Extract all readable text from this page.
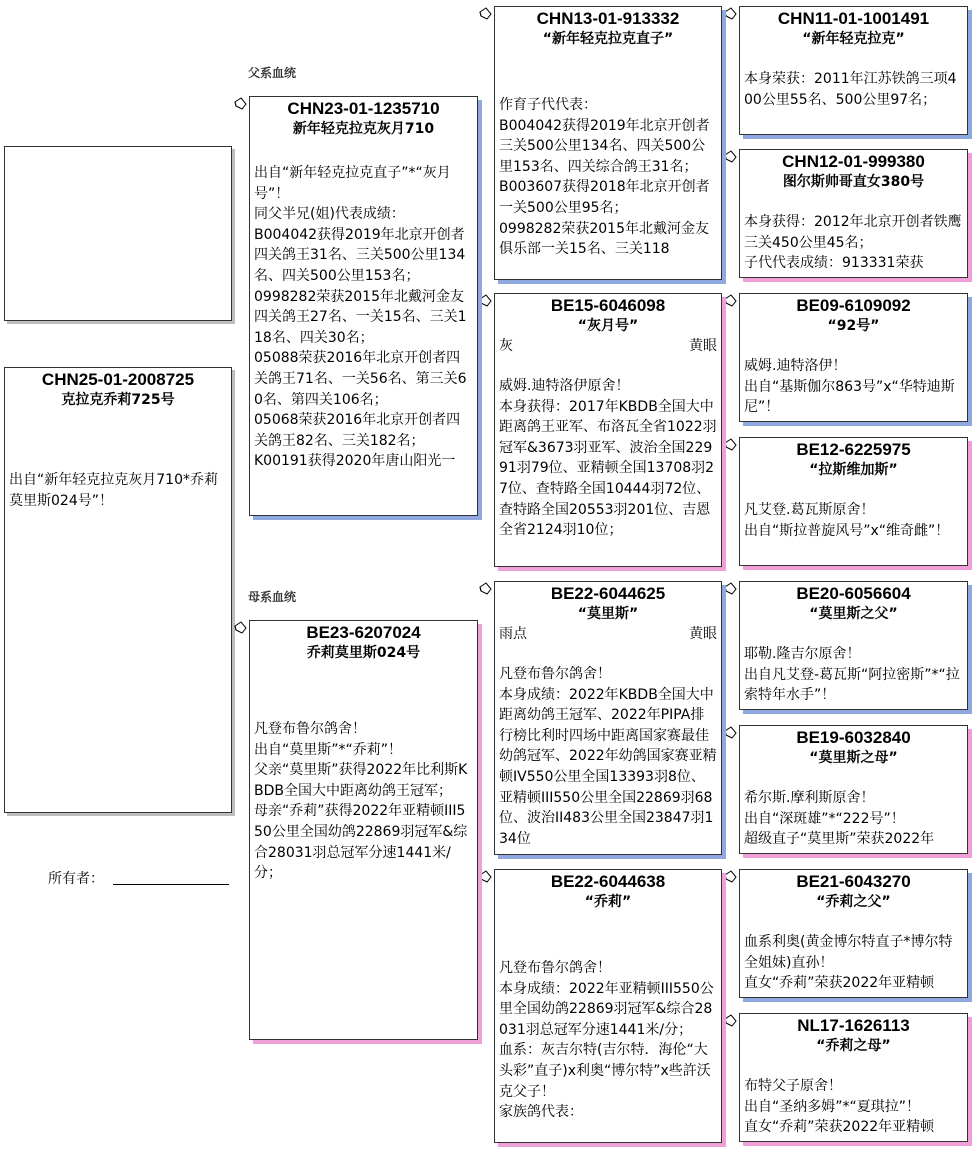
父系血统
母系血统
CHN25-01-2008725
克拉克乔莉725号
出自“新年轻克拉克灰月710*乔莉莫里斯024号”！
所有者：
CHN23-01-1235710
新年轻克拉克灰月710
出自“新年轻克拉克直子”*“灰月号”！
同父半兄(姐)代表成绩：
B004042获得2019年北京开创者四关鸽王31名、三关500公里134名、四关500公里153名；
0998282荣获2015年北戴河金友四关鸽王27名、一关15名、三关118名、四关30名；
05088荣获2016年北京开创者四关鸽王71名、一关56名、第三关60名、第四关106名；
05068荣获2016年北京开创者四关鸽王82名、三关182名；
K00191获得2020年唐山阳光一
BE23-6207024
乔莉莫里斯024号
凡登布鲁尔鸽舍！
出自“莫里斯”*“乔莉”！
父亲“莫里斯”获得2022年比利斯KBDB全国大中距离幼鸽王冠军；
母亲“乔莉”获得2022年亚精顿III550公里全国幼鸽22869羽冠军&综合28031羽总冠军分速1441米/分；
CHN13-01-913332
“新年轻克拉克直子”
作育子代代表：
B004042获得2019年北京开创者三关500公里134名、四关500公里153名、四关综合鸽王31名；
B003607获得2018年北京开创者一关500公里95名；
0998282荣获2015年北戴河金友俱乐部一关15名、三关118
BE15-6046098
“灰月号”
灰	黄眼
威姆.迪特洛伊原舍！
本身获得：2017年KBDB全国大中距离鸽王亚军、布洛瓦全省1022羽冠军&3673羽亚军、波治全国22991羽79位、亚精顿全国13708羽27位、查特路全国10444羽72位、查特路全国20553羽201位、吉恩全省2124羽10位；
BE22-6044625
“莫里斯”
雨点	黄眼
凡登布鲁尔鸽舍！
本身成绩：2022年KBDB全国大中距离幼鸽王冠军、2022年PIPA排行榜比利时四场中距离国家赛最佳幼鸽冠军、2022年幼鸽国家赛亚精顿IV550公里全国13393羽8位、亚精顿III550公里全国22869羽68位、波治II483公里全国23847羽134位
BE22-6044638
“乔莉”
凡登布鲁尔鸽舍！
本身成绩：2022年亚精顿III550公里全国幼鸽22869羽冠军&综合28031羽总冠军分速1441米/分；
血系：灰吉尔特(吉尔特．海伦“大头彩”直子)x利奥“博尔特”x些許沃克父子！
家族鸽代表：
CHN11-01-1001491
“新年轻克拉克”
本身荣获：2011年江苏铁鸽三项400公里55名、500公里97名；
CHN12-01-999380
图尔斯帅哥直女380号
本身获得：2012年北京开创者铁鹰三关450公里45名；
子代代表成绩：913331荣获
BE09-6109092
“92号”
威姆.迪特洛伊！
出自“基斯伽尔863号”x“华特迪斯尼”！
BE12-6225975
“拉斯维加斯”
凡艾登.葛瓦斯原舍！
出自“斯拉普旋风号”x“维奇雌”！
BE20-6056604
“莫里斯之父”
耶勒.隆吉尔原舍！
出自凡艾登-葛瓦斯“阿拉密斯”*“拉索特年水手”！
BE19-6032840
“莫里斯之母”
希尔斯.摩利斯原舍！
出自“深斑雄”*“222号”！
超级直子“莫里斯”荣获2022年
BE21-6043270
“乔莉之父”
血系利奥(黄金博尔特直子*博尔特全姐妹)直孙！
直女“乔莉”荣获2022年亚精顿
NL17-1626113
“乔莉之母”
布特父子原舍！
出自“圣纳多姆”*“夏琪拉”！
直女“乔莉”荣获2022年亚精顿
